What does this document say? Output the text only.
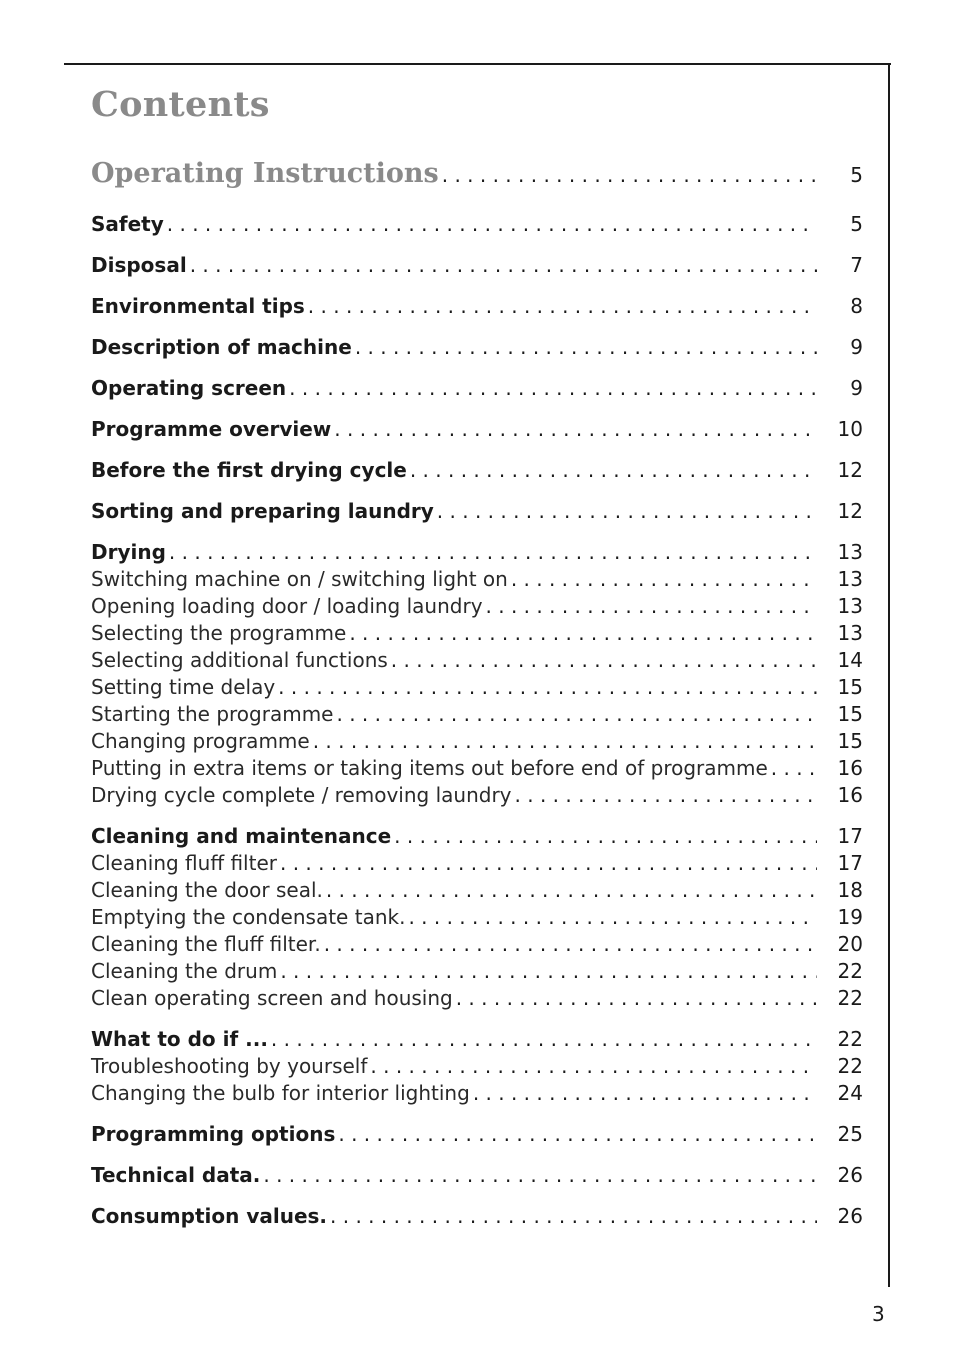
Contents
Operating Instructions . . .	5
Safety . . .	5
Disposal . . .	7
Environmental tips . . .	8
Description of machine . . .	9
Operating screen . . .	9
Programme overview . . .	10
Before the first drying cycle . . .	12
Sorting and preparing laundry . . .	12
Drying . . .	13
Switching machine on / switching light on . . .	13
Opening loading door / loading laundry . . .	13
Selecting the programme . . .	13
Selecting additional functions . . .	14
Setting time delay . . .	15
Starting the programme . . .	15
Changing programme . . .	15
Putting in extra items or taking items out before end of programme . . .	16
Drying cycle complete / removing laundry . . .	16
Cleaning and maintenance . . .	17
Cleaning fluff filter . . .	17
Cleaning the door seal. . . .	18
Emptying the condensate tank. . . .	19
Cleaning the fluff filter. . . .	20
Cleaning the drum . . .	22
Clean operating screen and housing . . .	22
What to do if ... . . .	22
Troubleshooting by yourself . . .	22
Changing the bulb for interior lighting . . .	24
Programming options . . .	25
Technical data. . . .	26
Consumption values. . . .	26
3
